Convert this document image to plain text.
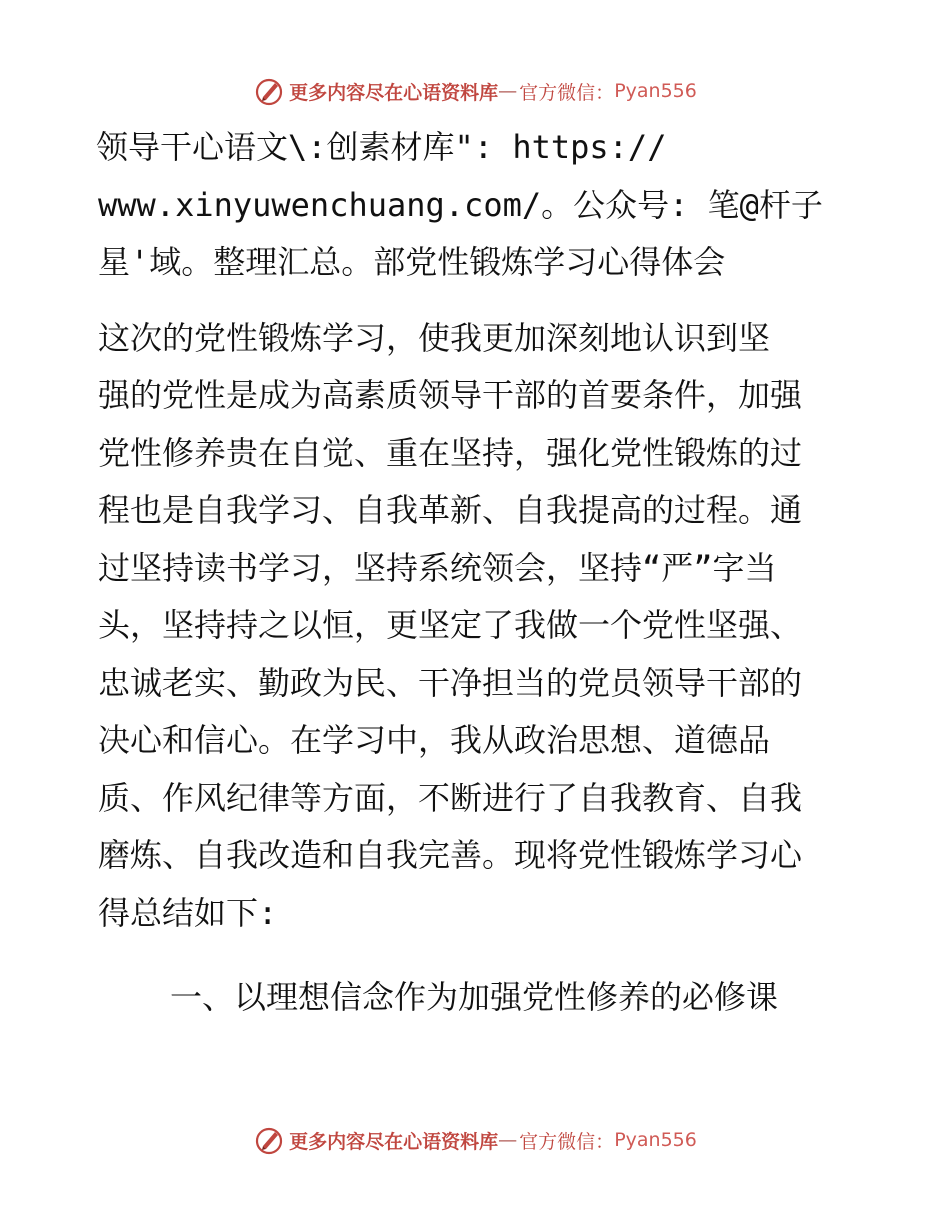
更多内容尽在心语资料库 — 官方微信： Pyan556
领导干心语文\:创素材库": https://
www.xinyuwenchuang.com/。公众号: 笔@杆子
星'域。整理汇总。部党性锻炼学习心得体会
这次的党性锻炼学习，使我更加深刻地认识到坚
强的党性是成为高素质领导干部的首要条件，加强
党性修养贵在自觉、重在坚持，强化党性锻炼的过
程也是自我学习、自我革新、自我提高的过程。通
过坚持读书学习，坚持系统领会，坚持“严”字当
头，坚持持之以恒，更坚定了我做一个党性坚强、
忠诚老实、勤政为民、干净担当的党员领导干部的
决心和信心。在学习中，我从政治思想、道德品
质、作风纪律等方面，不断进行了自我教育、自我
磨炼、自我改造和自我完善。现将党性锻炼学习心
得总结如下:
一、以理想信念作为加强党性修养的必修课
更多内容尽在心语资料库 — 官方微信： Pyan556
